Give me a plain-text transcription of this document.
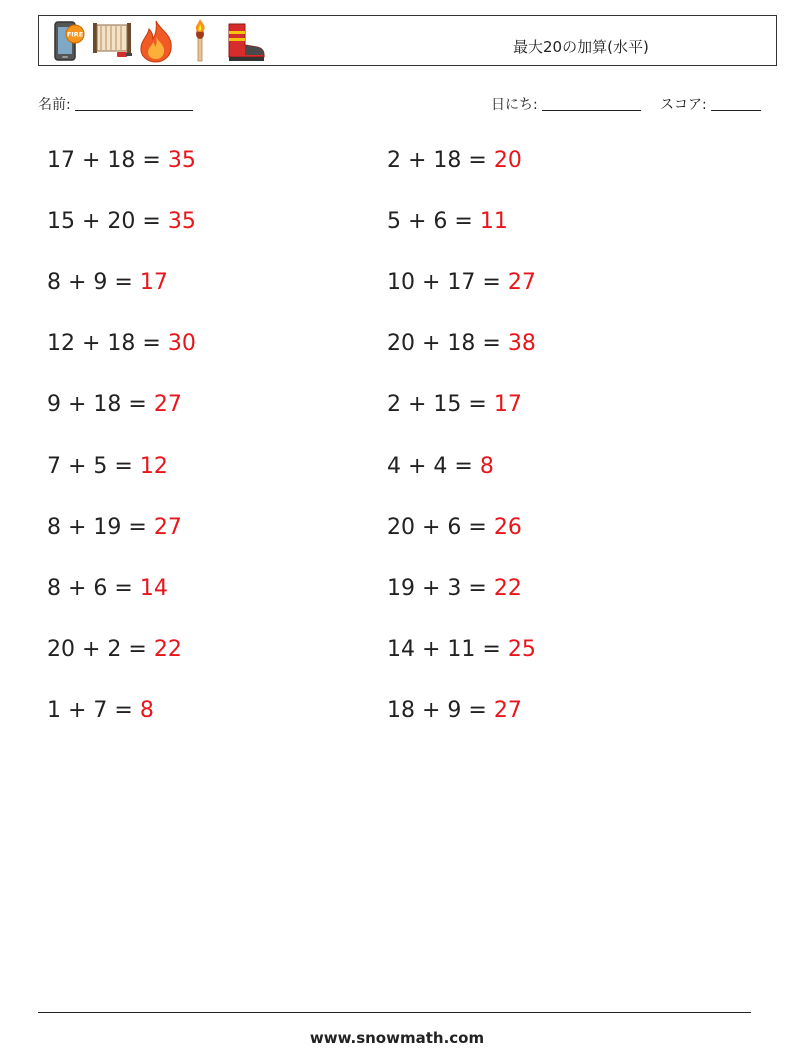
FIRE
最大20の加算(水平)
名前:	日にち:	スコア:
17 + 18 = 35
15 + 20 = 35
8 + 9 = 17
12 + 18 = 30
9 + 18 = 27
7 + 5 = 12
8 + 19 = 27
8 + 6 = 14
20 + 2 = 22
1 + 7 = 8
2 + 18 = 20
5 + 6 = 11
10 + 17 = 27
20 + 18 = 38
2 + 15 = 17
4 + 4 = 8
20 + 6 = 26
19 + 3 = 22
14 + 11 = 25
18 + 9 = 27
www.snowmath.com
